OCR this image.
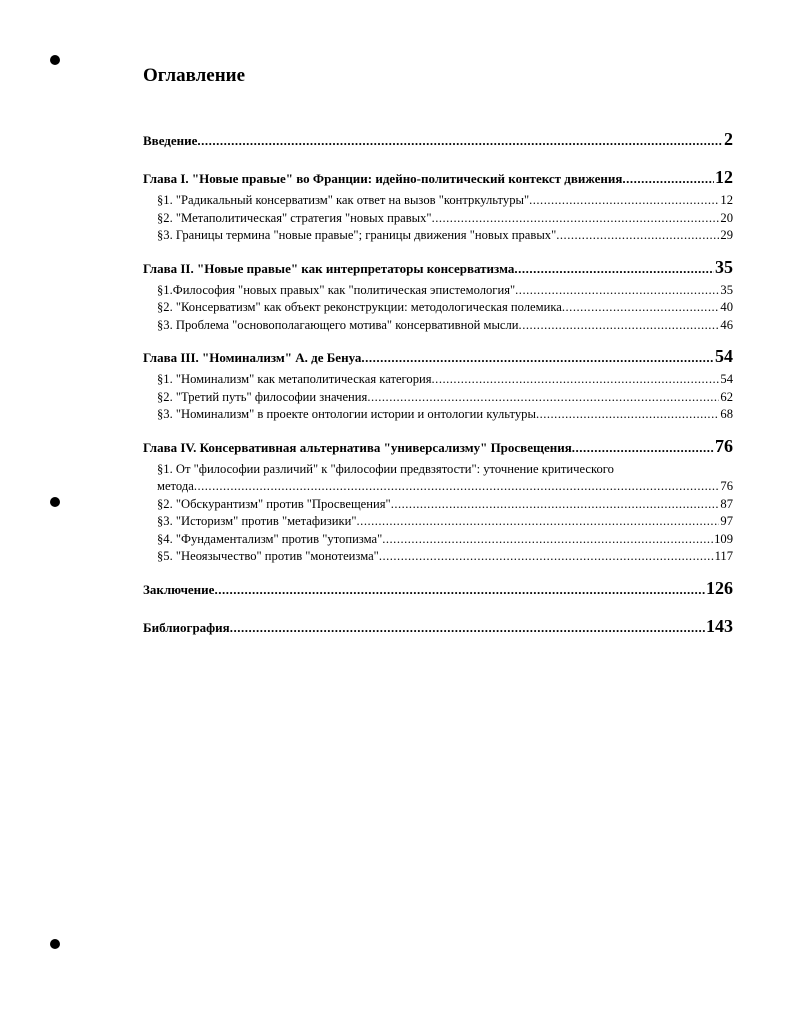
Оглавление
Введение .....	2
Глава I. "Новые правые" во Франции: идейно-политический контекст движения .....	12
§1. "Радикальный консерватизм" как ответ на вызов "контркультуры" .....	12
§2. "Метаполитическая" стратегия "новых правых" .....	20
§3. Границы термина "новые правые"; границы движения "новых правых" .....	29
Глава II. "Новые правые" как интерпретаторы консерватизма .....	35
§1.Философия "новых правых" как "политическая эпистемология" .....	35
§2. "Консерватизм" как объект реконструкции: методологическая полемика .....	40
§3. Проблема "основополагающего мотива" консервативной мысли .....	46
Глава III. "Номинализм" А. де Бенуа .....	54
§1. "Номинализм" как метаполитическая категория .....	54
§2. "Третий путь" философии значения .....	62
§3. "Номинализм" в проекте онтологии истории и онтологии культуры .....	68
Глава IV. Консервативная альтернатива "универсализму" Просвещения .....	76
§1. От "философии различий" к "философии предвзятости": уточнение критического
метода .....	76
§2. "Обскурантизм" против "Просвещения" .....	87
§3. "Историзм" против "метафизики" .....	97
§4. "Фундаментализм" против "утопизма" .....	109
§5. "Неоязычество" против "монотеизма" .....	117
Заключение .....	126
Библиография .....	143
